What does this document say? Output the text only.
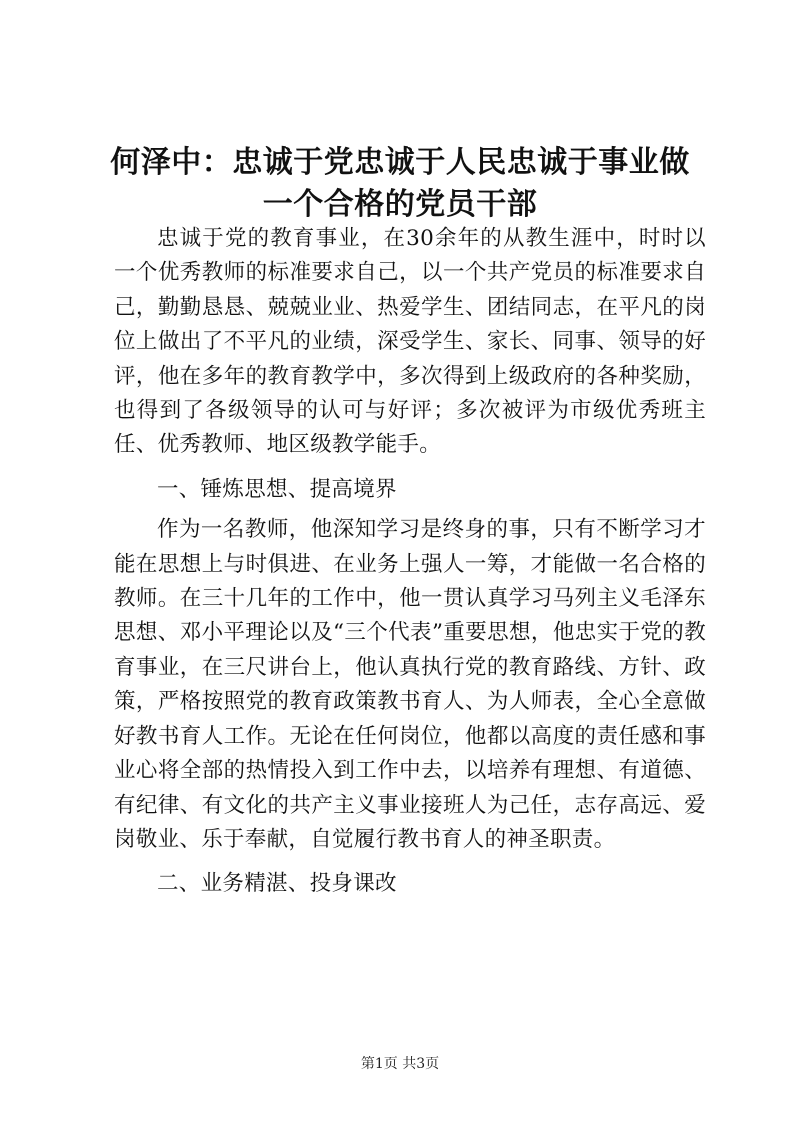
何泽中：忠诚于党忠诚于人民忠诚于事业做一个合格的党员干部

忠诚于党的教育事业，在30余年的从教生涯中，时时以一个优秀教师的标准要求自己，以一个共产党员的标准要求自己，勤勤恳恳、兢兢业业、热爱学生、团结同志，在平凡的岗位上做出了不平凡的业绩，深受学生、家长、同事、领导的好评，他在多年的教育教学中，多次得到上级政府的各种奖励，也得到了各级领导的认可与好评；多次被评为市级优秀班主任、优秀教师、地区级教学能手。

一、锤炼思想、提高境界

作为一名教师，他深知学习是终身的事，只有不断学习才能在思想上与时俱进、在业务上强人一筹，才能做一名合格的教师。在三十几年的工作中，他一贯认真学习马列主义毛泽东思想、邓小平理论以及“三个代表”重要思想，他忠实于党的教育事业，在三尺讲台上，他认真执行党的教育路线、方针、政策，严格按照党的教育政策教书育人、为人师表，全心全意做好教书育人工作。无论在任何岗位，他都以高度的责任感和事业心将全部的热情投入到工作中去，以培养有理想、有道德、有纪律、有文化的共产主义事业接班人为己任，志存高远、爱岗敬业、乐于奉献，自觉履行教书育人的神圣职责。

二、业务精湛、投身课改

第1页 共3页
